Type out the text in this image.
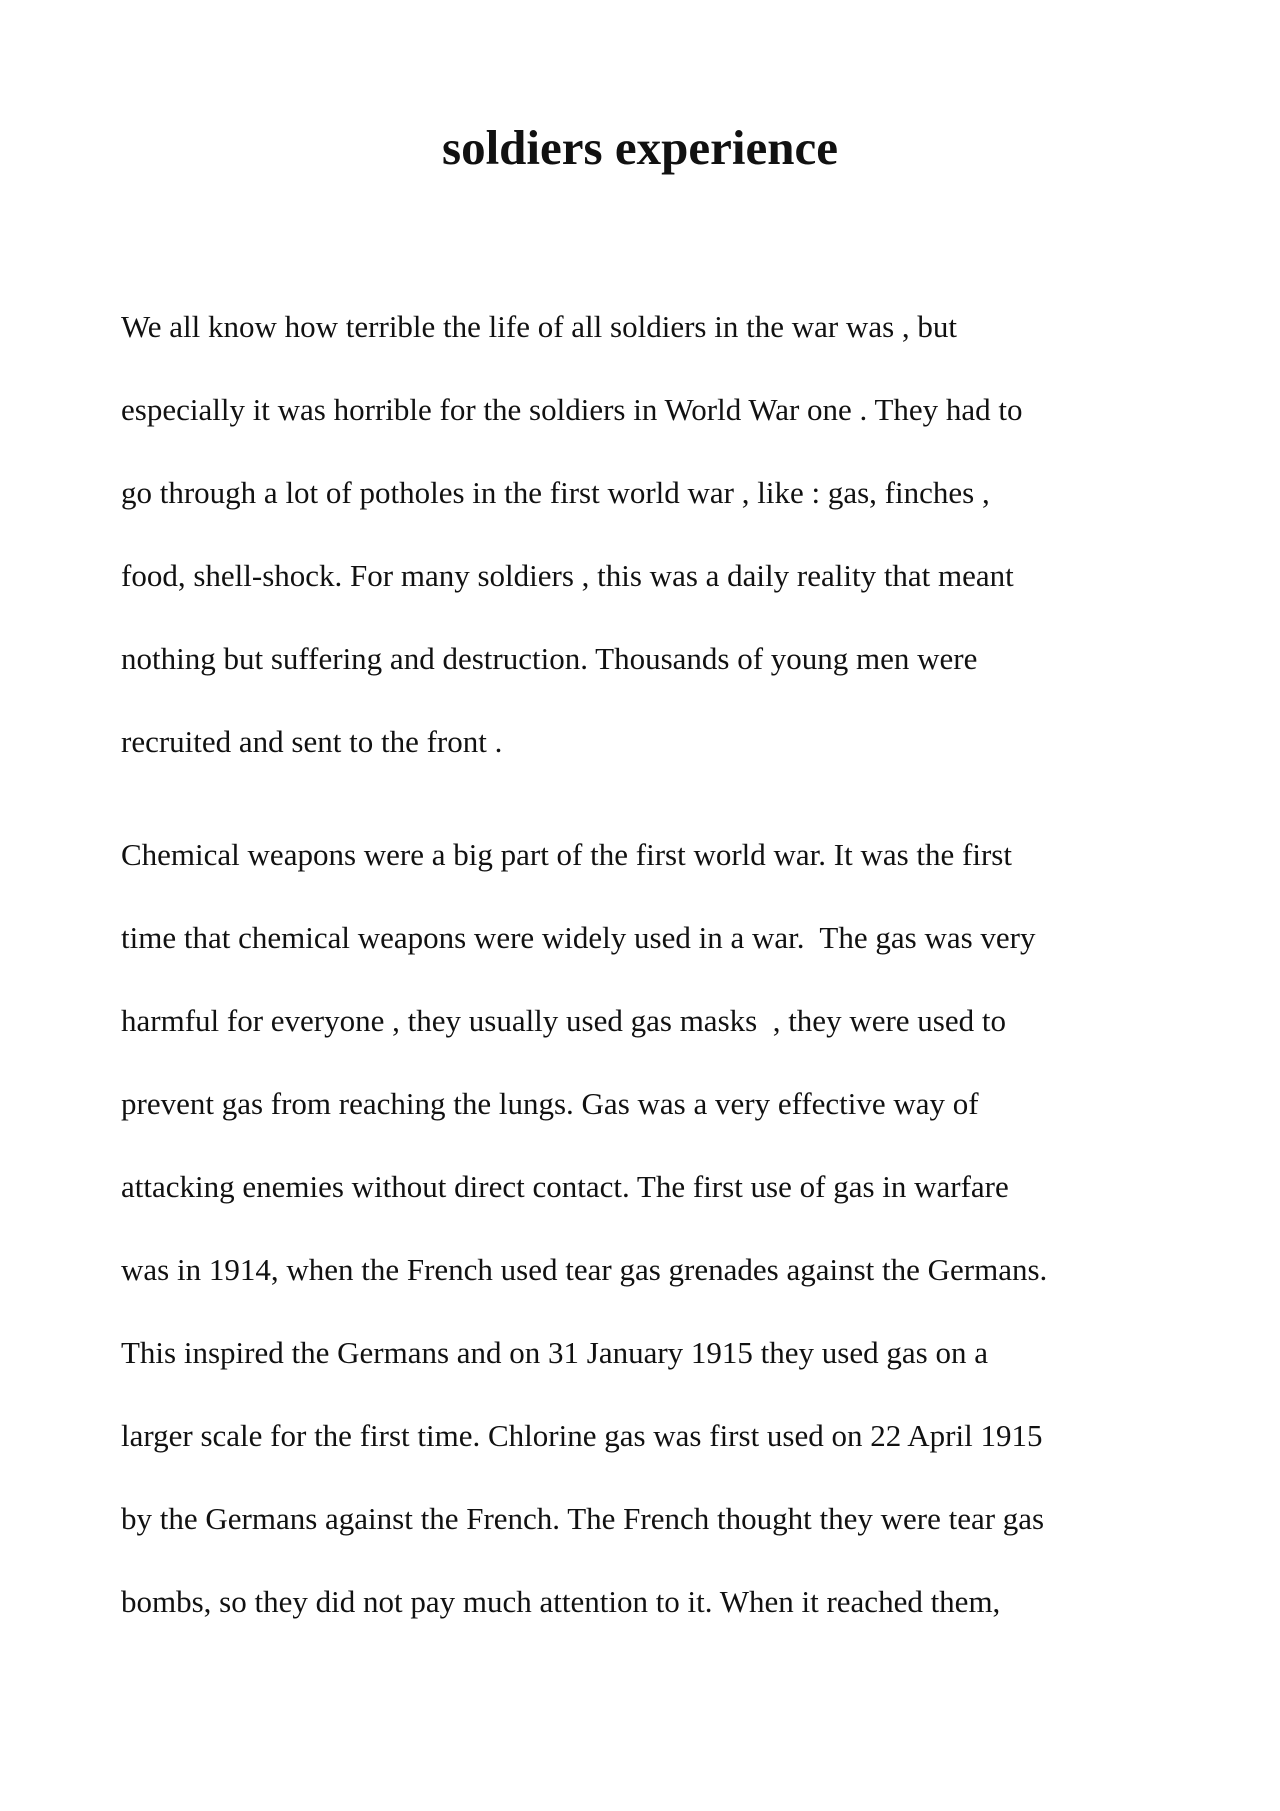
soldiers experience
We all know how terrible the life of all soldiers in the war was , but
especially it was horrible for the soldiers in World War one . They had to
go through a lot of potholes in the first world war , like : gas, finches ,
food, shell-shock. For many soldiers , this was a daily reality that meant
nothing but suffering and destruction. Thousands of young men were
recruited and sent to the front .
Chemical weapons were a big part of the first world war. It was the first
time that chemical weapons were widely used in a war.  The gas was very
harmful for everyone , they usually used gas masks  , they were used to
prevent gas from reaching the lungs. Gas was a very effective way of
attacking enemies without direct contact. The first use of gas in warfare
was in 1914, when the French used tear gas grenades against the Germans.
This inspired the Germans and on 31 January 1915 they used gas on a
larger scale for the first time. Chlorine gas was first used on 22 April 1915
by the Germans against the French. The French thought they were tear gas
bombs, so they did not pay much attention to it. When it reached them,
